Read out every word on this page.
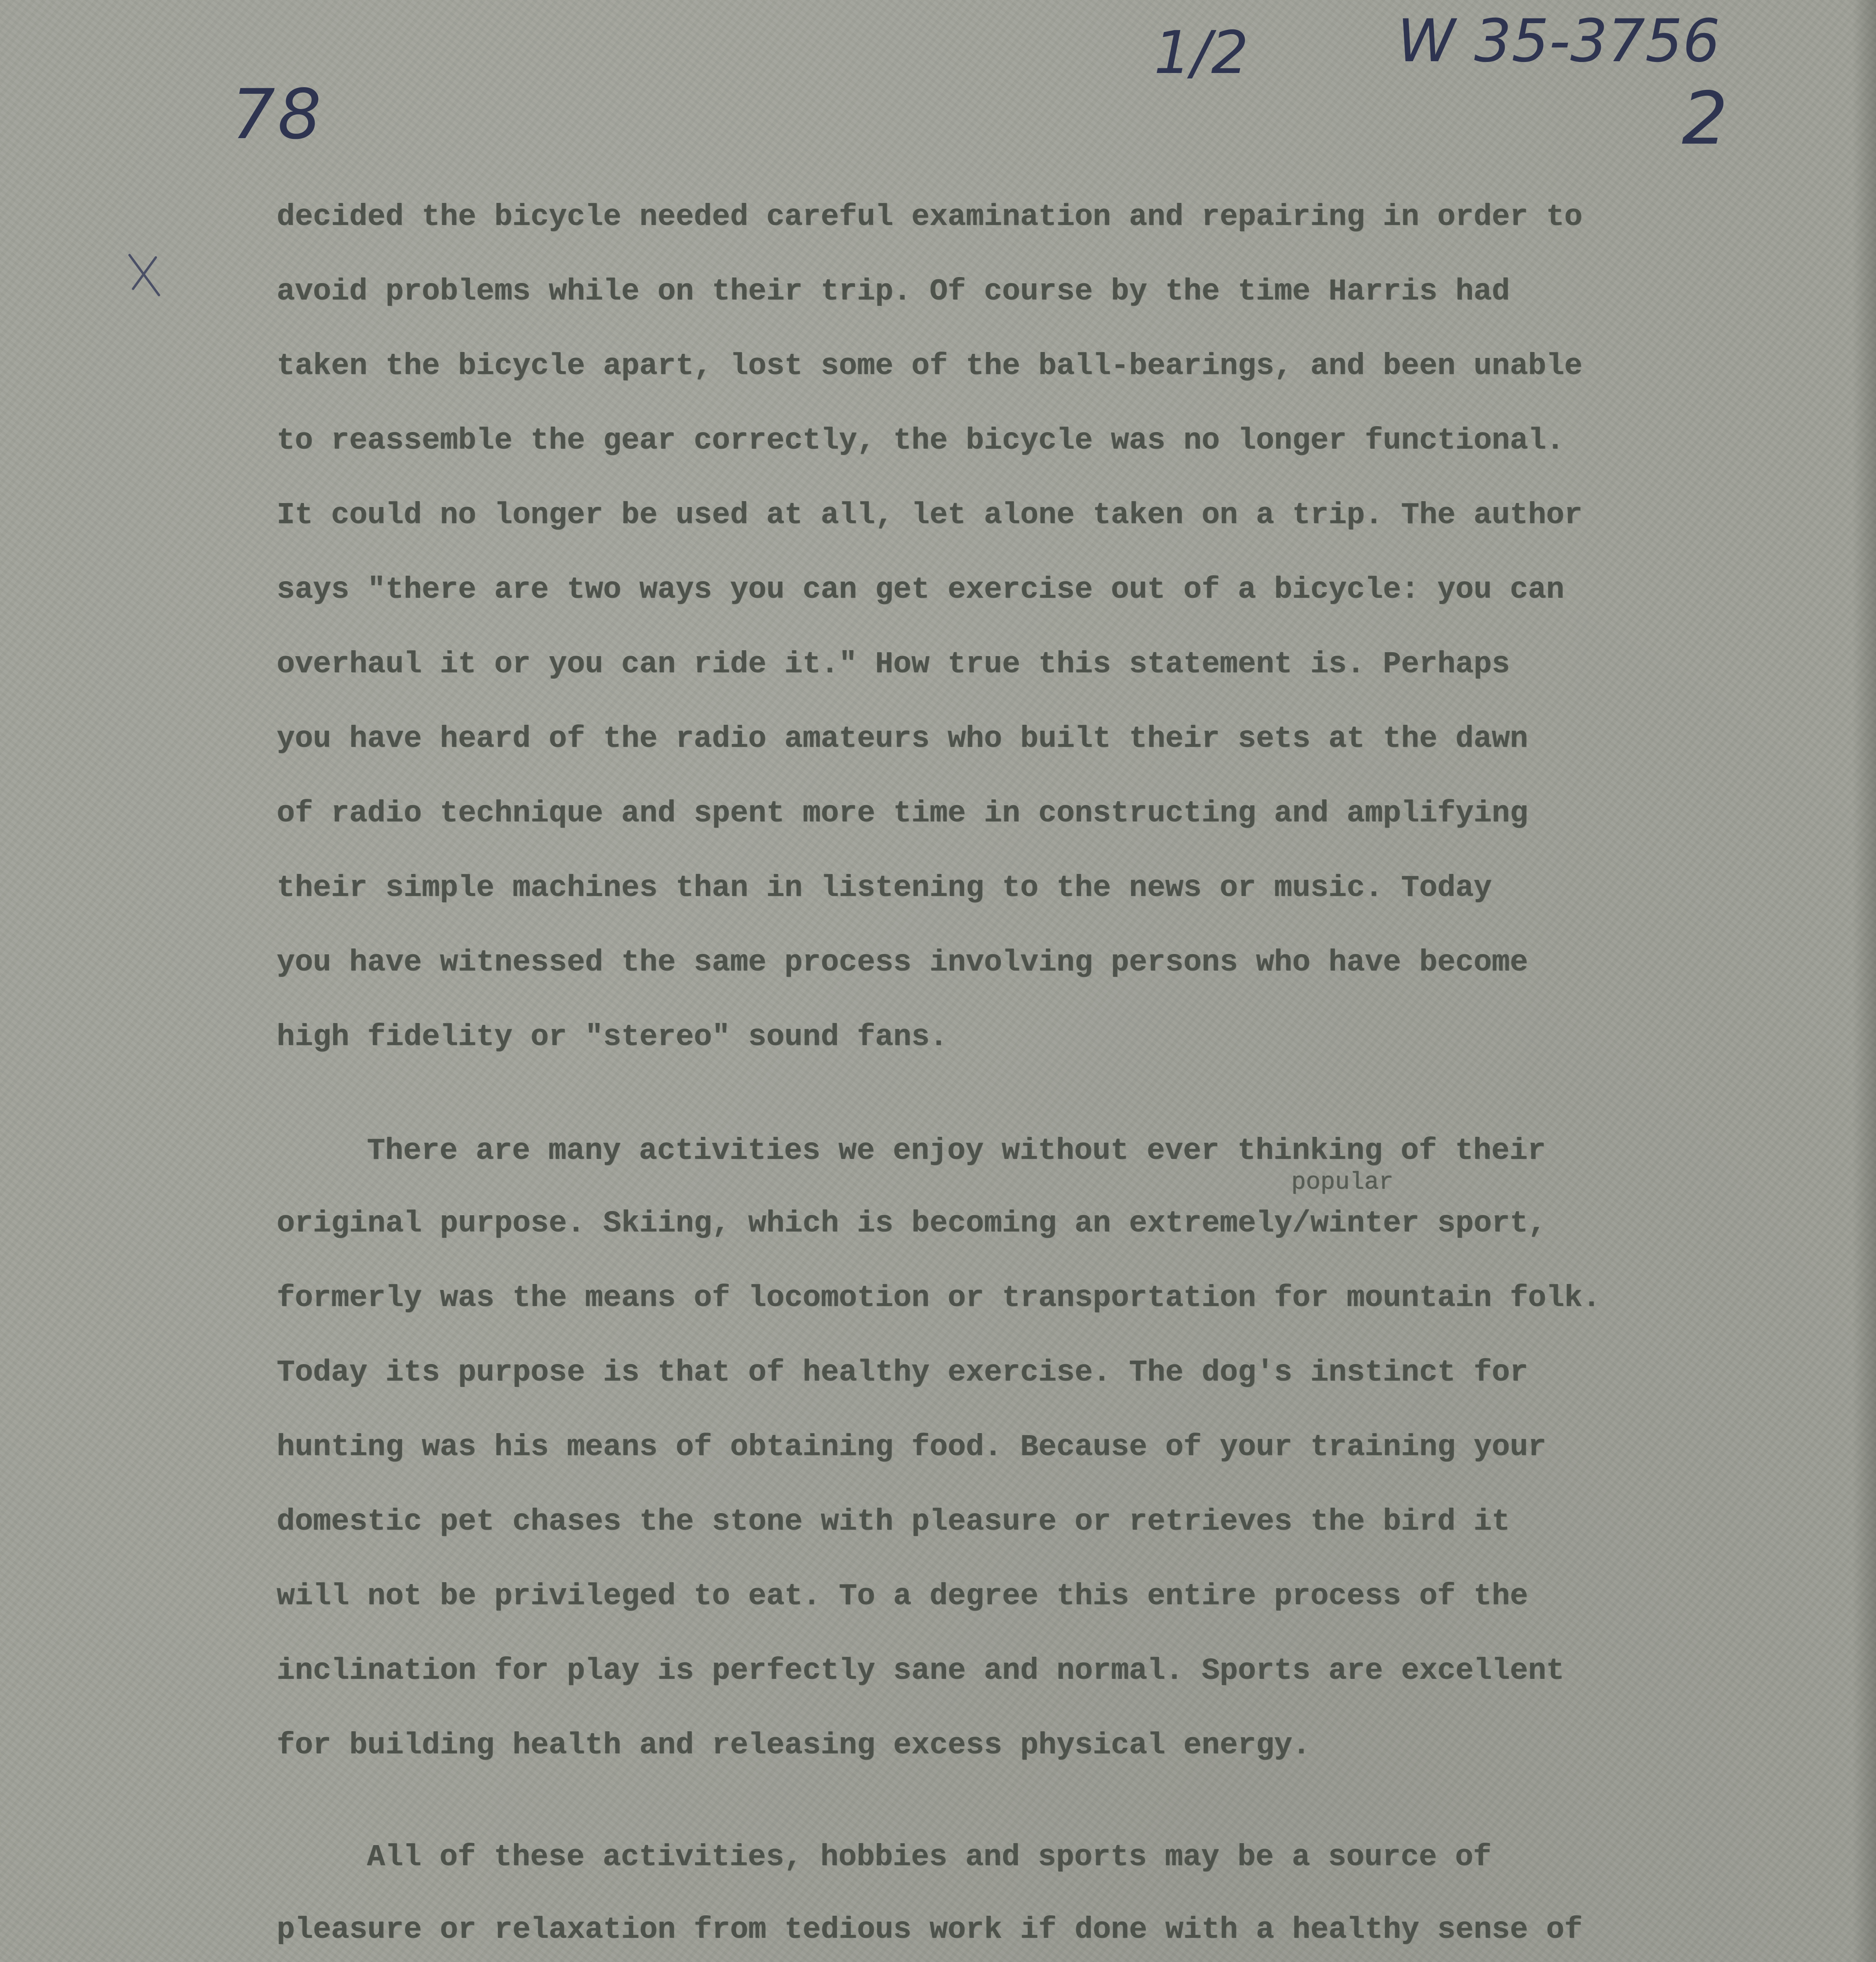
78
1/2	W 35-3756
2
popular
decided the bicycle needed careful examination and repairing in order to
avoid problems while on their trip. Of course by the time Harris had
taken the bicycle apart, lost some of the ball-bearings, and been unable
to reassemble the gear correctly, the bicycle was no longer functional.
It could no longer be used at all, let alone taken on a trip. The author
says "there are two ways you can get exercise out of a bicycle: you can
overhaul it or you can ride it." How true this statement is. Perhaps
you have heard of the radio amateurs who built their sets at the dawn
of radio technique and spent more time in constructing and amplifying
their simple machines than in listening to the news or music. Today
you have witnessed the same process involving persons who have become
high fidelity or "stereo" sound fans.
There are many activities we enjoy without ever thinking of their
original purpose. Skiing, which is becoming an extremely/winter sport,
formerly was the means of locomotion or transportation for mountain folk.
Today its purpose is that of healthy exercise. The dog's instinct for
hunting was his means of obtaining food. Because of your training your
domestic pet chases the stone with pleasure or retrieves the bird it
will not be privileged to eat. To a degree this entire process of the
inclination for play is perfectly sane and normal. Sports are excellent
for building health and releasing excess physical energy.
All of these activities, hobbies and sports may be a source of
pleasure or relaxation from tedious work if done with a healthy sense of
